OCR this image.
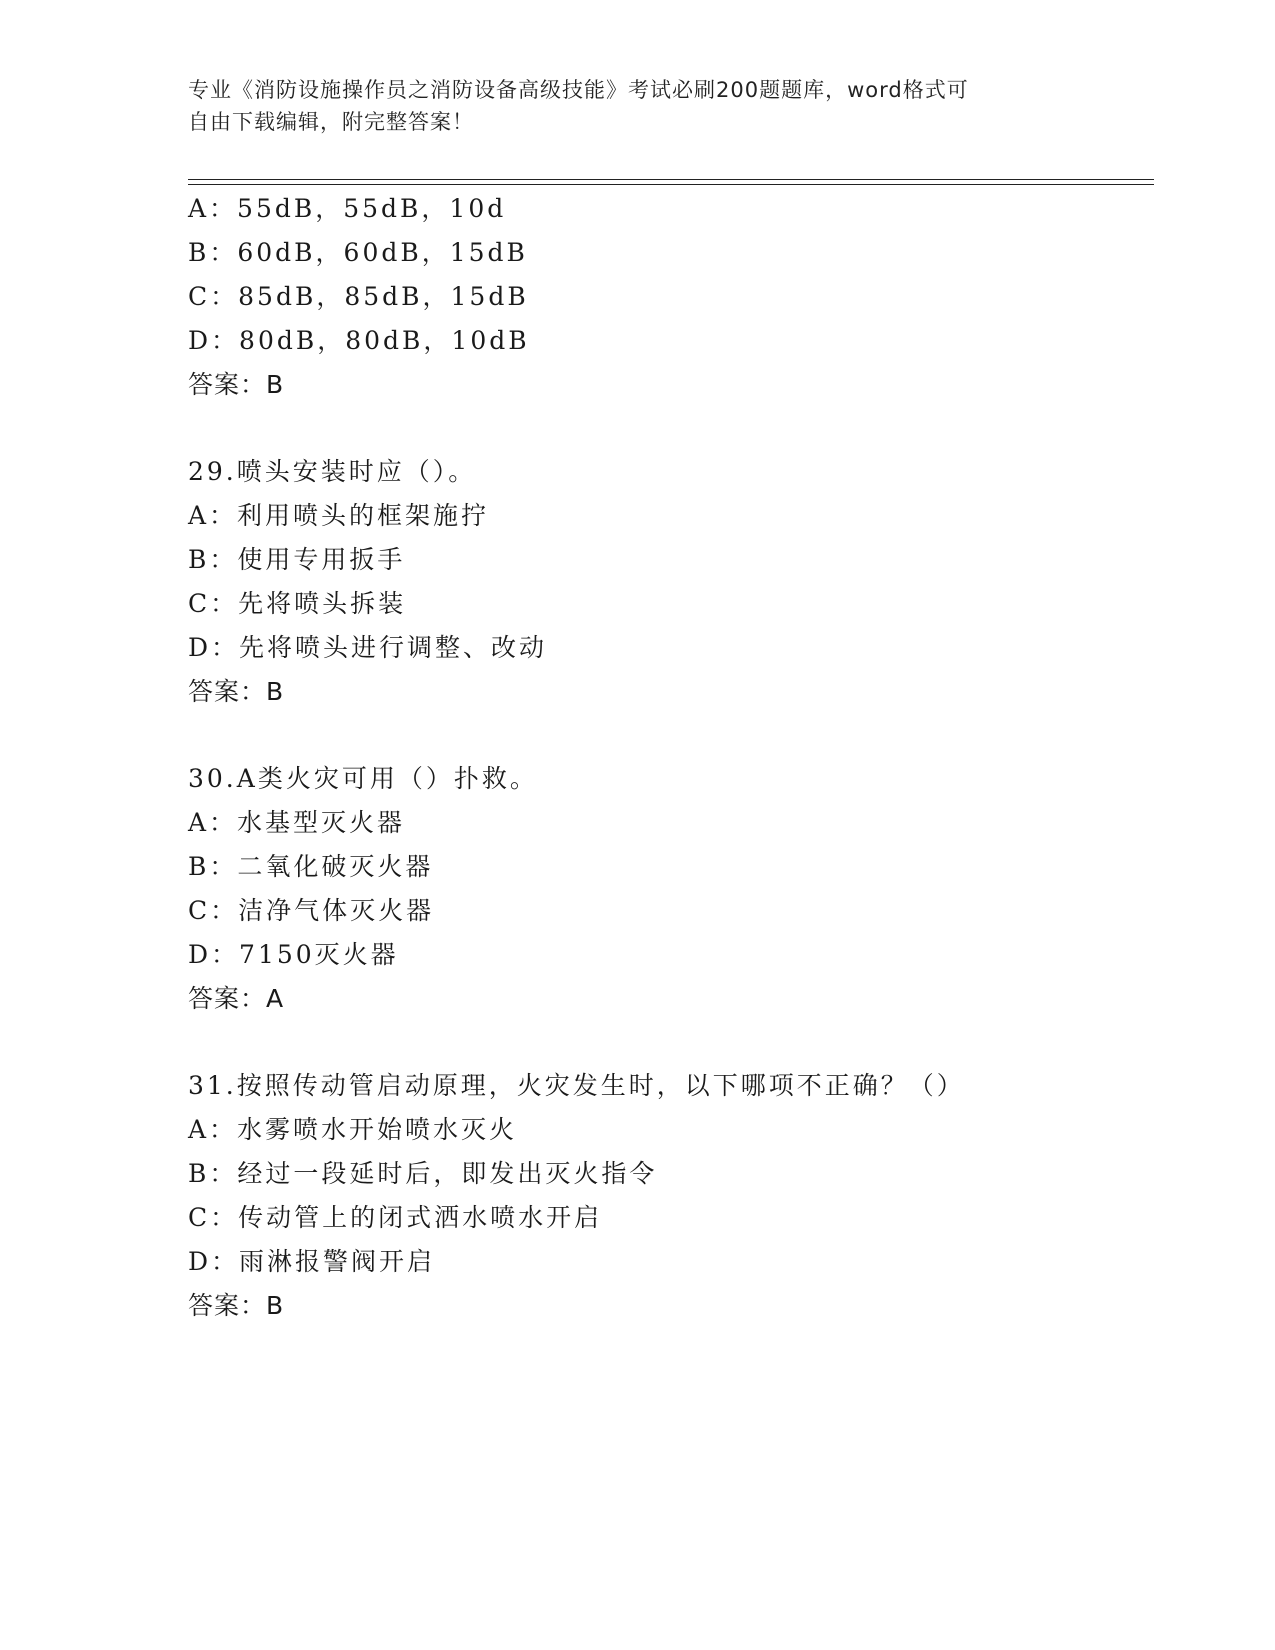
专业《消防设施操作员之消防设备高级技能》考试必刷200题题库，word格式可
自由下载编辑，附完整答案！
A：55dB，55dB，10d
B：60dB，60dB，15dB
C：85dB，85dB，15dB
D：80dB，80dB，10dB
答案：B
29.喷头安装时应（）。
A：利用喷头的框架施拧
B：使用专用扳手
C：先将喷头拆装
D：先将喷头进行调整、改动
答案：B
30.A类火灾可用（）扑救。
A：水基型灭火器
B：二氧化破灭火器
C：洁净气体灭火器
D：7150灭火器
答案：A
31.按照传动管启动原理，火灾发生时，以下哪项不正确？（）
A：水雾喷水开始喷水灭火
B：经过一段延时后，即发出灭火指令
C：传动管上的闭式洒水喷水开启
D：雨淋报警阀开启
答案：B
